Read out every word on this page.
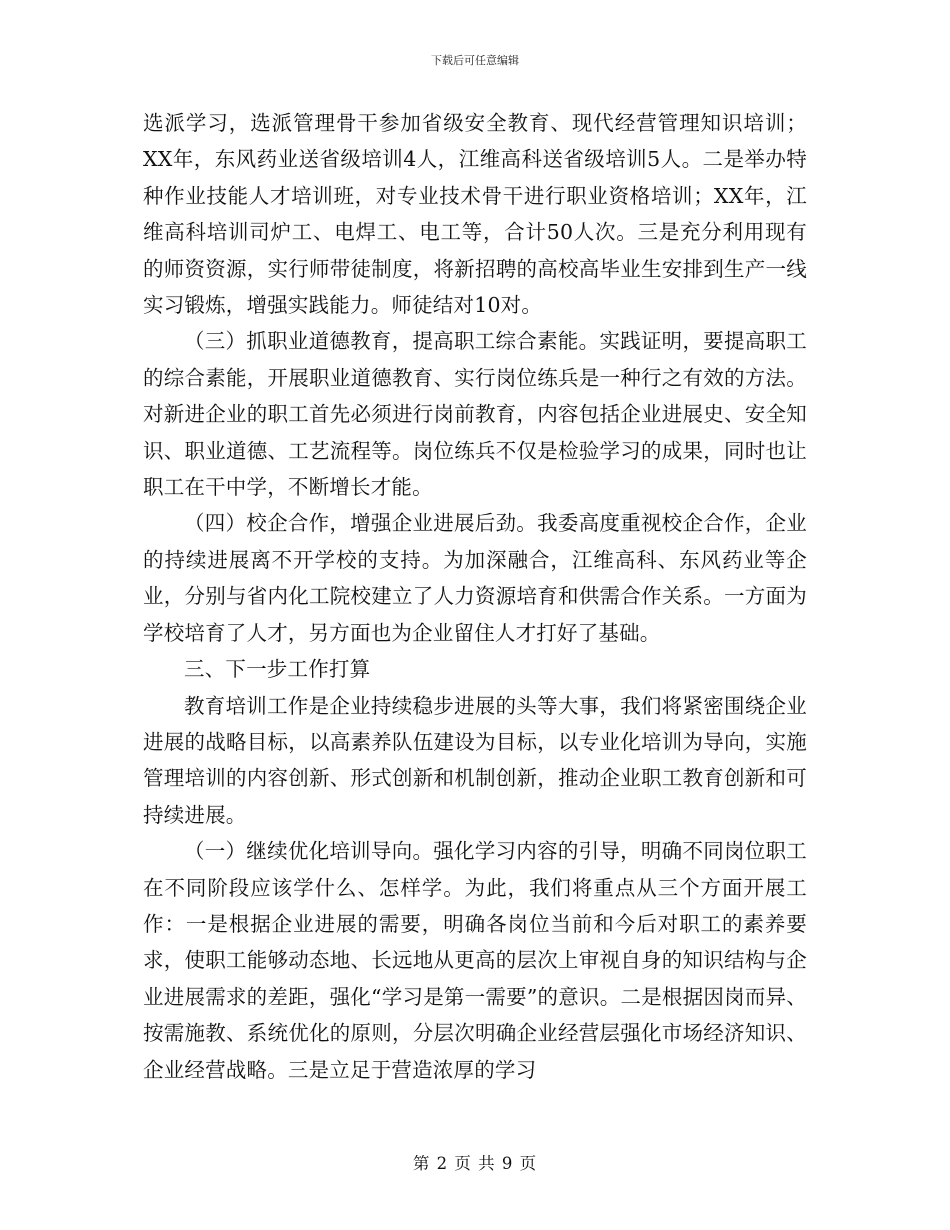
下载后可任意编辑

选派学习，选派管理骨干参加省级安全教育、现代经营管理知识培训；XX年，东风药业送省级培训4人，江维高科送省级培训5人。二是举办特种作业技能人才培训班，对专业技术骨干进行职业资格培训；XX年，江维高科培训司炉工、电焊工、电工等，合计50人次。三是充分利用现有的师资资源，实行师带徒制度，将新招聘的高校高毕业生安排到生产一线实习锻炼，增强实践能力。师徒结对10对。

（三）抓职业道德教育，提高职工综合素能。实践证明，要提高职工的综合素能，开展职业道德教育、实行岗位练兵是一种行之有效的方法。对新进企业的职工首先必须进行岗前教育，内容包括企业进展史、安全知识、职业道德、工艺流程等。岗位练兵不仅是检验学习的成果，同时也让职工在干中学，不断增长才能。

（四）校企合作，增强企业进展后劲。我委高度重视校企合作，企业的持续进展离不开学校的支持。为加深融合，江维高科、东风药业等企业，分别与省内化工院校建立了人力资源培育和供需合作关系。一方面为学校培育了人才，另方面也为企业留住人才打好了基础。

三、下一步工作打算

教育培训工作是企业持续稳步进展的头等大事，我们将紧密围绕企业进展的战略目标，以高素养队伍建设为目标，以专业化培训为导向，实施管理培训的内容创新、形式创新和机制创新，推动企业职工教育创新和可持续进展。

（一）继续优化培训导向。强化学习内容的引导，明确不同岗位职工在不同阶段应该学什么、怎样学。为此，我们将重点从三个方面开展工作：一是根据企业进展的需要，明确各岗位当前和今后对职工的素养要求，使职工能够动态地、长远地从更高的层次上审视自身的知识结构与企业进展需求的差距，强化“学习是第一需要”的意识。二是根据因岗而异、按需施教、系统优化的原则，分层次明确企业经营层强化市场经济知识、企业经营战略。三是立足于营造浓厚的学习

第 2 页 共 9 页
